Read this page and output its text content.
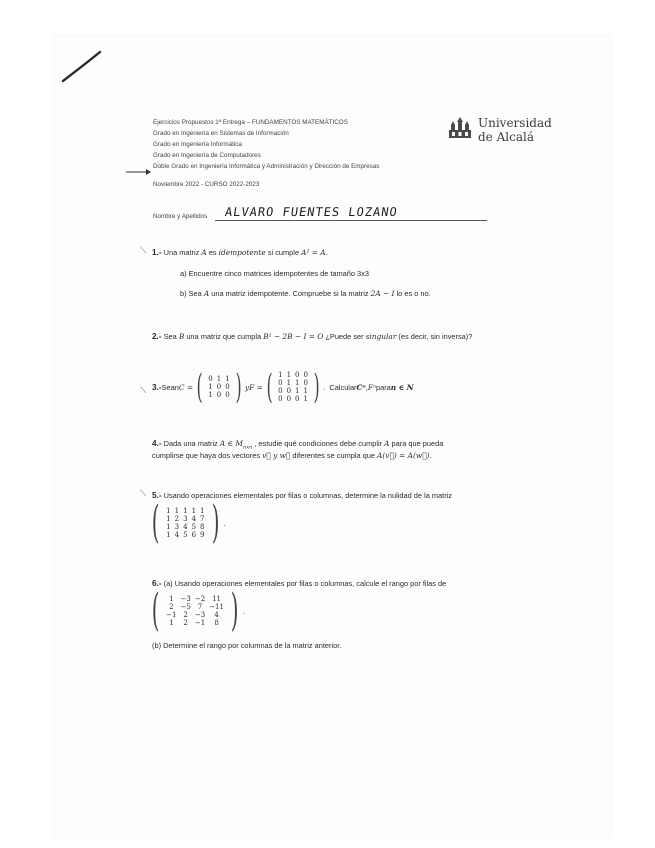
Ejercicios Propuestos 1ª Entrega – FUNDAMENTOS MATEMÁTICOS
Grado en Ingeniería en Sistemas de Información
Grado en Ingeniería Informática
Grado en Ingeniería de Computadores
Doble Grado en Ingeniería Informática y Administración y Dirección de Empresas
Universidad
de Alcalá
Noviembre 2022 - CURSO 2022-2023
Nombre y Apellidos ALVARO FUENTES LOZANO
⟍ 1.- Una matriz A es idempotente si cumple A² = A.
a) Encuentre cinco matrices idempotentes de tamaño 3x3
b) Sea A una matriz idempotente. Compruebe si la matriz 2A − I lo es o no.
2.- Sea B una matriz que cumpla B² − 2B − I = O ¿Puede ser singular (es decir, sin inversa)?
⟍ 3.- Sean C = ( 0	1	1
1	0	0
1	0	0 ) y F = ( 1	1	0	0
0	1	1	0
0	0	1	1
0	0	0	1 ) . Calcular Cⁿ , Fⁿ para n ∈ N
4.- Dada una matriz A ∈ $M_{nxn}$ , estudie qué condiciones debe cumplir A para que pueda
cumplirse que haya dos vectores v⃗ y w⃗ diferentes se cumpla que A(v⃗) = A(w⃗).
⟍ 5.- Usando operaciones elementales por filas o columnas, determine la nulidad de la matriz
( 1	1	1	1	1
1	2	3	4	7
1	3	4	5	8
1	4	5	6	9 ) .
6.- (a) Usando operaciones elementales por filas o columnas, calcule el rango por filas de
( 1	−3	−2	11
2	−5	7	−11
−1	2	−3	4
1	2	−1	8 ) .
(b) Determine el rango por columnas de la matriz anterior.
